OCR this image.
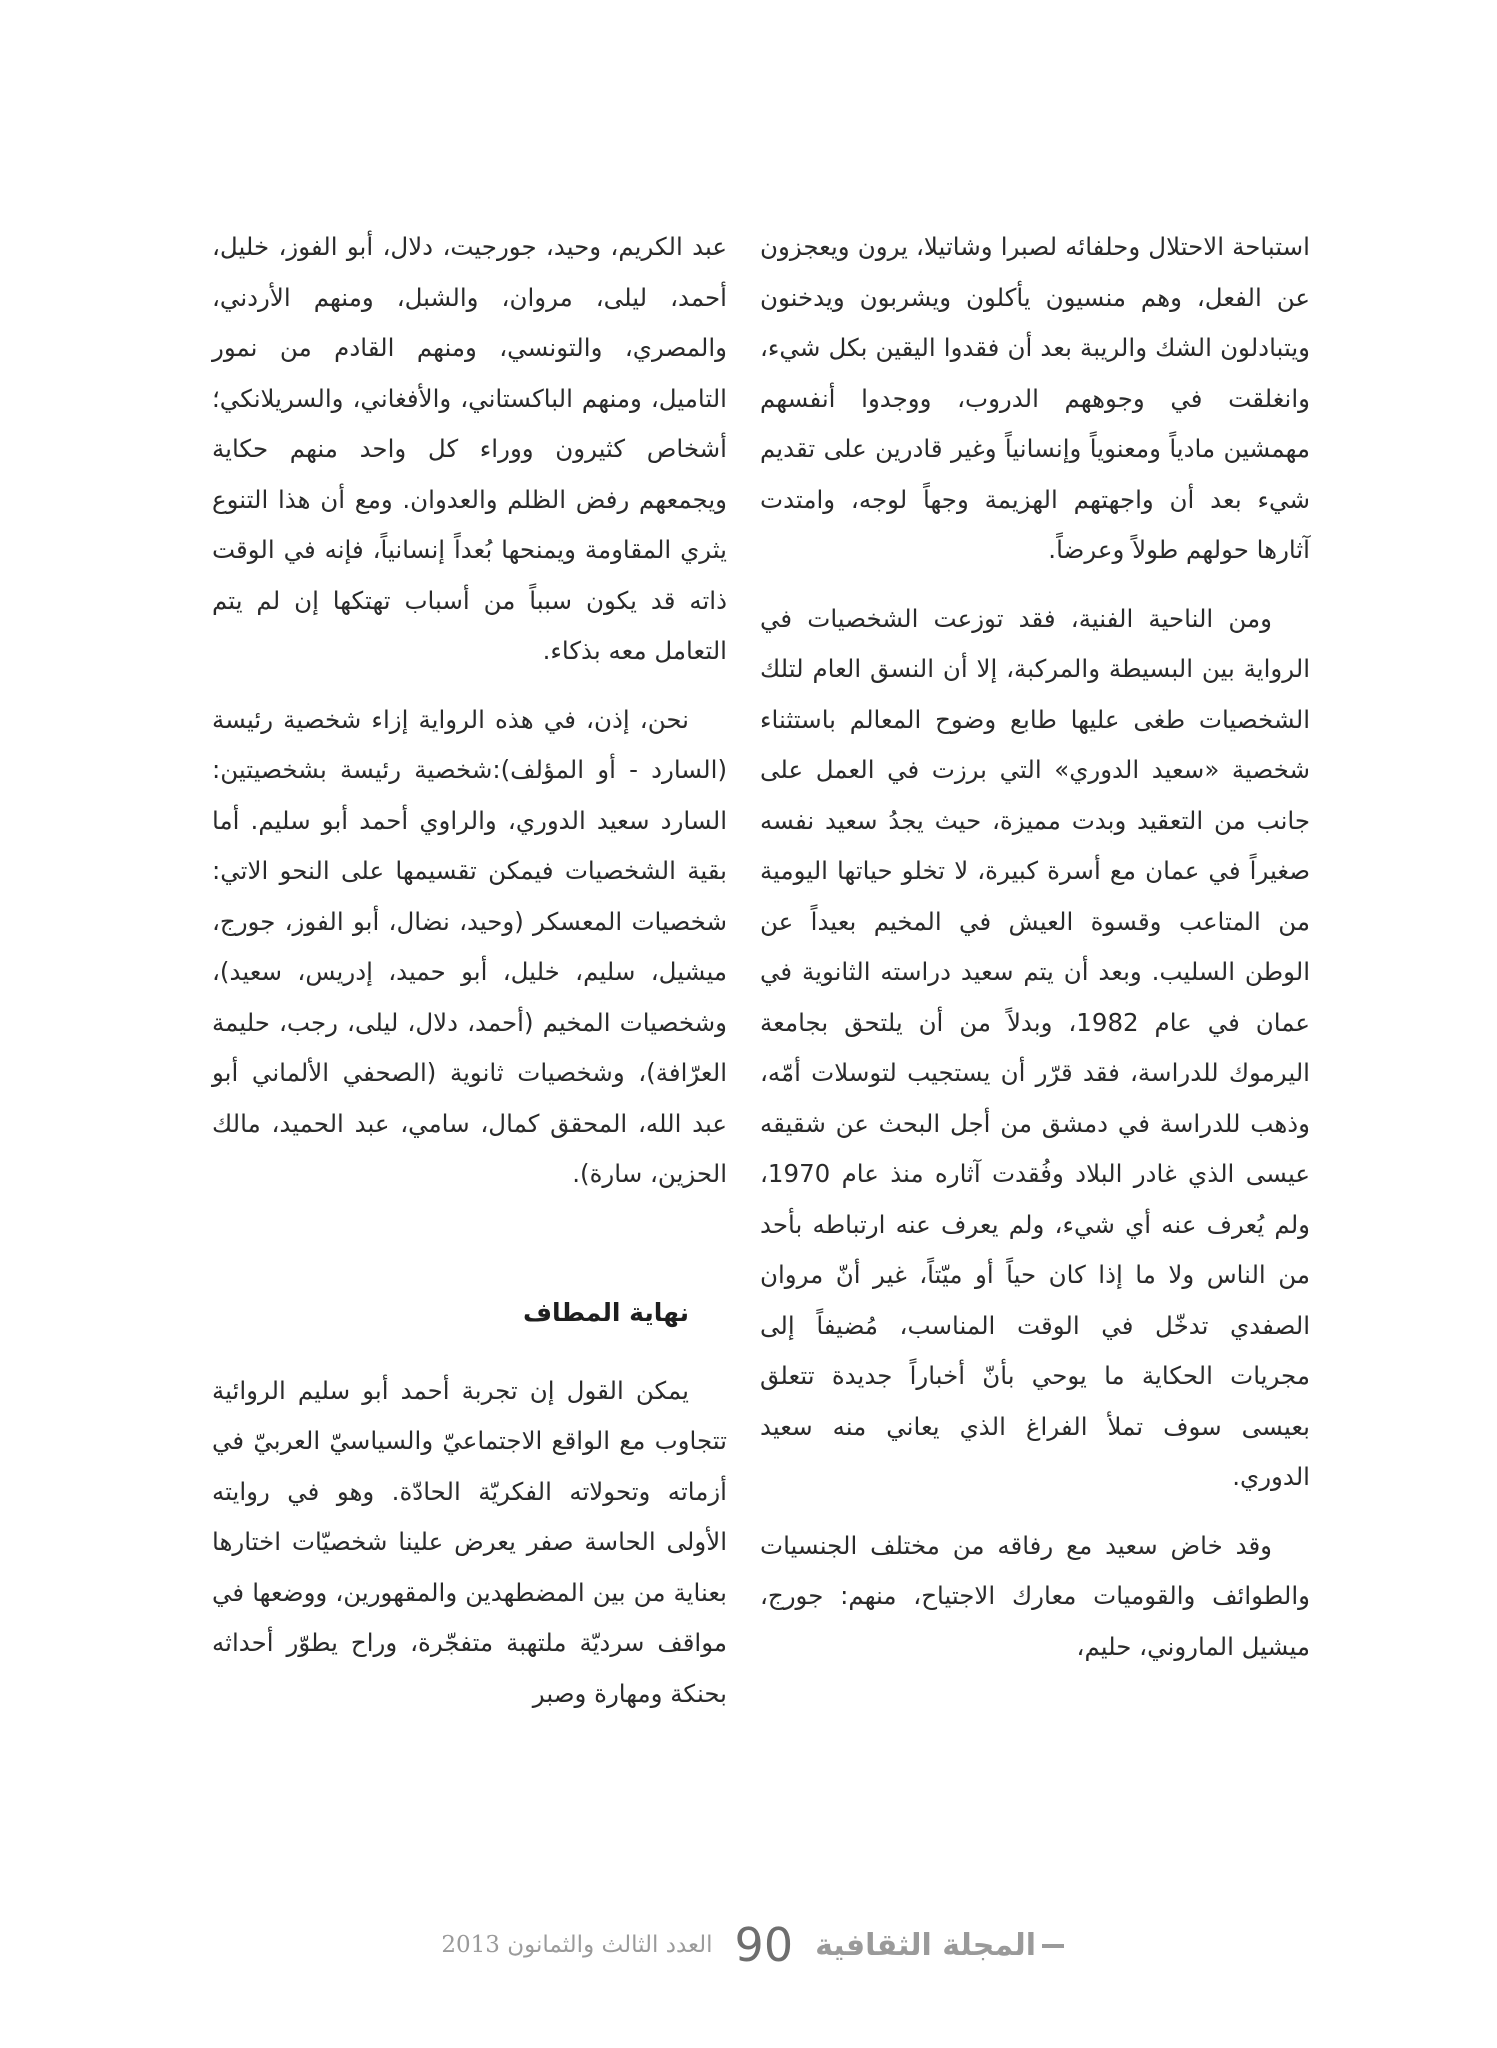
استباحة الاحتلال وحلفائه لصبرا وشاتيلا، يرون ويعجزون عن الفعل، وهم منسيون يأكلون ويشربون ويدخنون ويتبادلون الشك والريبة بعد أن فقدوا اليقين بكل شيء، وانغلقت في وجوههم الدروب، ووجدوا أنفسهم مهمشين مادياً ومعنوياً وإنسانياً وغير قادرين على تقديم شيء بعد أن واجهتهم الهزيمة وجهاً لوجه، وامتدت آثارها حولهم طولاً وعرضاً.

ومن الناحية الفنية، فقد توزعت الشخصيات في الرواية بين البسيطة والمركبة، إلا أن النسق العام لتلك الشخصيات طغى عليها طابع وضوح المعالم باستثناء شخصية «سعيد الدوري» التي برزت في العمل على جانب من التعقيد وبدت مميزة، حيث يجدُ سعيد نفسه صغيراً في عمان مع أسرة كبيرة، لا تخلو حياتها اليومية من المتاعب وقسوة العيش في المخيم بعيداً عن الوطن السليب. وبعد أن يتم سعيد دراسته الثانوية في عمان في عام 1982، وبدلاً من أن يلتحق بجامعة اليرموك للدراسة، فقد قرّر أن يستجيب لتوسلات أمّه، وذهب للدراسة في دمشق من أجل البحث عن شقيقه عيسى الذي غادر البلاد وفُقدت آثاره منذ عام 1970، ولم يُعرف عنه أي شيء، ولم يعرف عنه ارتباطه بأحد من الناس ولا ما إذا كان حياً أو ميّتاً، غير أنّ مروان الصفدي تدخّل في الوقت المناسب، مُضيفاً إلى مجريات الحكاية ما يوحي بأنّ أخباراً جديدة تتعلق بعيسى سوف تملأ الفراغ الذي يعاني منه سعيد الدوري.

وقد خاض سعيد مع رفاقه من مختلف الجنسيات والطوائف والقوميات معارك الاجتياح، منهم: جورج، ميشيل الماروني، حليم،

عبد الكريم، وحيد، جورجيت، دلال، أبو الفوز، خليل، أحمد، ليلى، مروان، والشبل، ومنهم الأردني، والمصري، والتونسي، ومنهم القادم من نمور التاميل، ومنهم الباكستاني، والأفغاني، والسريلانكي؛ أشخاص كثيرون ووراء كل واحد منهم حكاية ويجمعهم رفض الظلم والعدوان. ومع أن هذا التنوع يثري المقاومة ويمنحها بُعداً إنسانياً، فإنه في الوقت ذاته قد يكون سبباً من أسباب تهتكها إن لم يتم التعامل معه بذكاء.

نحن، إذن، في هذه الرواية إزاء شخصية رئيسة (السارد - أو المؤلف):شخصية رئيسة بشخصيتين: السارد سعيد الدوري، والراوي أحمد أبو سليم. أما بقية الشخصيات فيمكن تقسيمها على النحو الاتي: شخصيات المعسكر (وحيد، نضال، أبو الفوز، جورج، ميشيل، سليم، خليل، أبو حميد، إدريس، سعيد)، وشخصيات المخيم (أحمد، دلال، ليلى، رجب، حليمة العرّافة)، وشخصيات ثانوية (الصحفي الألماني أبو عبد الله، المحقق كمال، سامي، عبد الحميد، مالك الحزين، سارة).

نهاية المطاف

يمكن القول إن تجربة أحمد أبو سليم الروائية تتجاوب مع الواقع الاجتماعيّ والسياسيّ العربيّ في أزماته وتحولاته الفكريّة الحادّة. وهو في روايته الأولى الحاسة صفر يعرض علينا شخصيّات اختارها بعناية من بين المضطهدين والمقهورين، ووضعها في مواقف سرديّة ملتهبة متفجّرة، وراح يطوّر أحداثه بحنكة ومهارة وصبر

المجلة الثقافية
90
العدد الثالث والثمانون 2013
